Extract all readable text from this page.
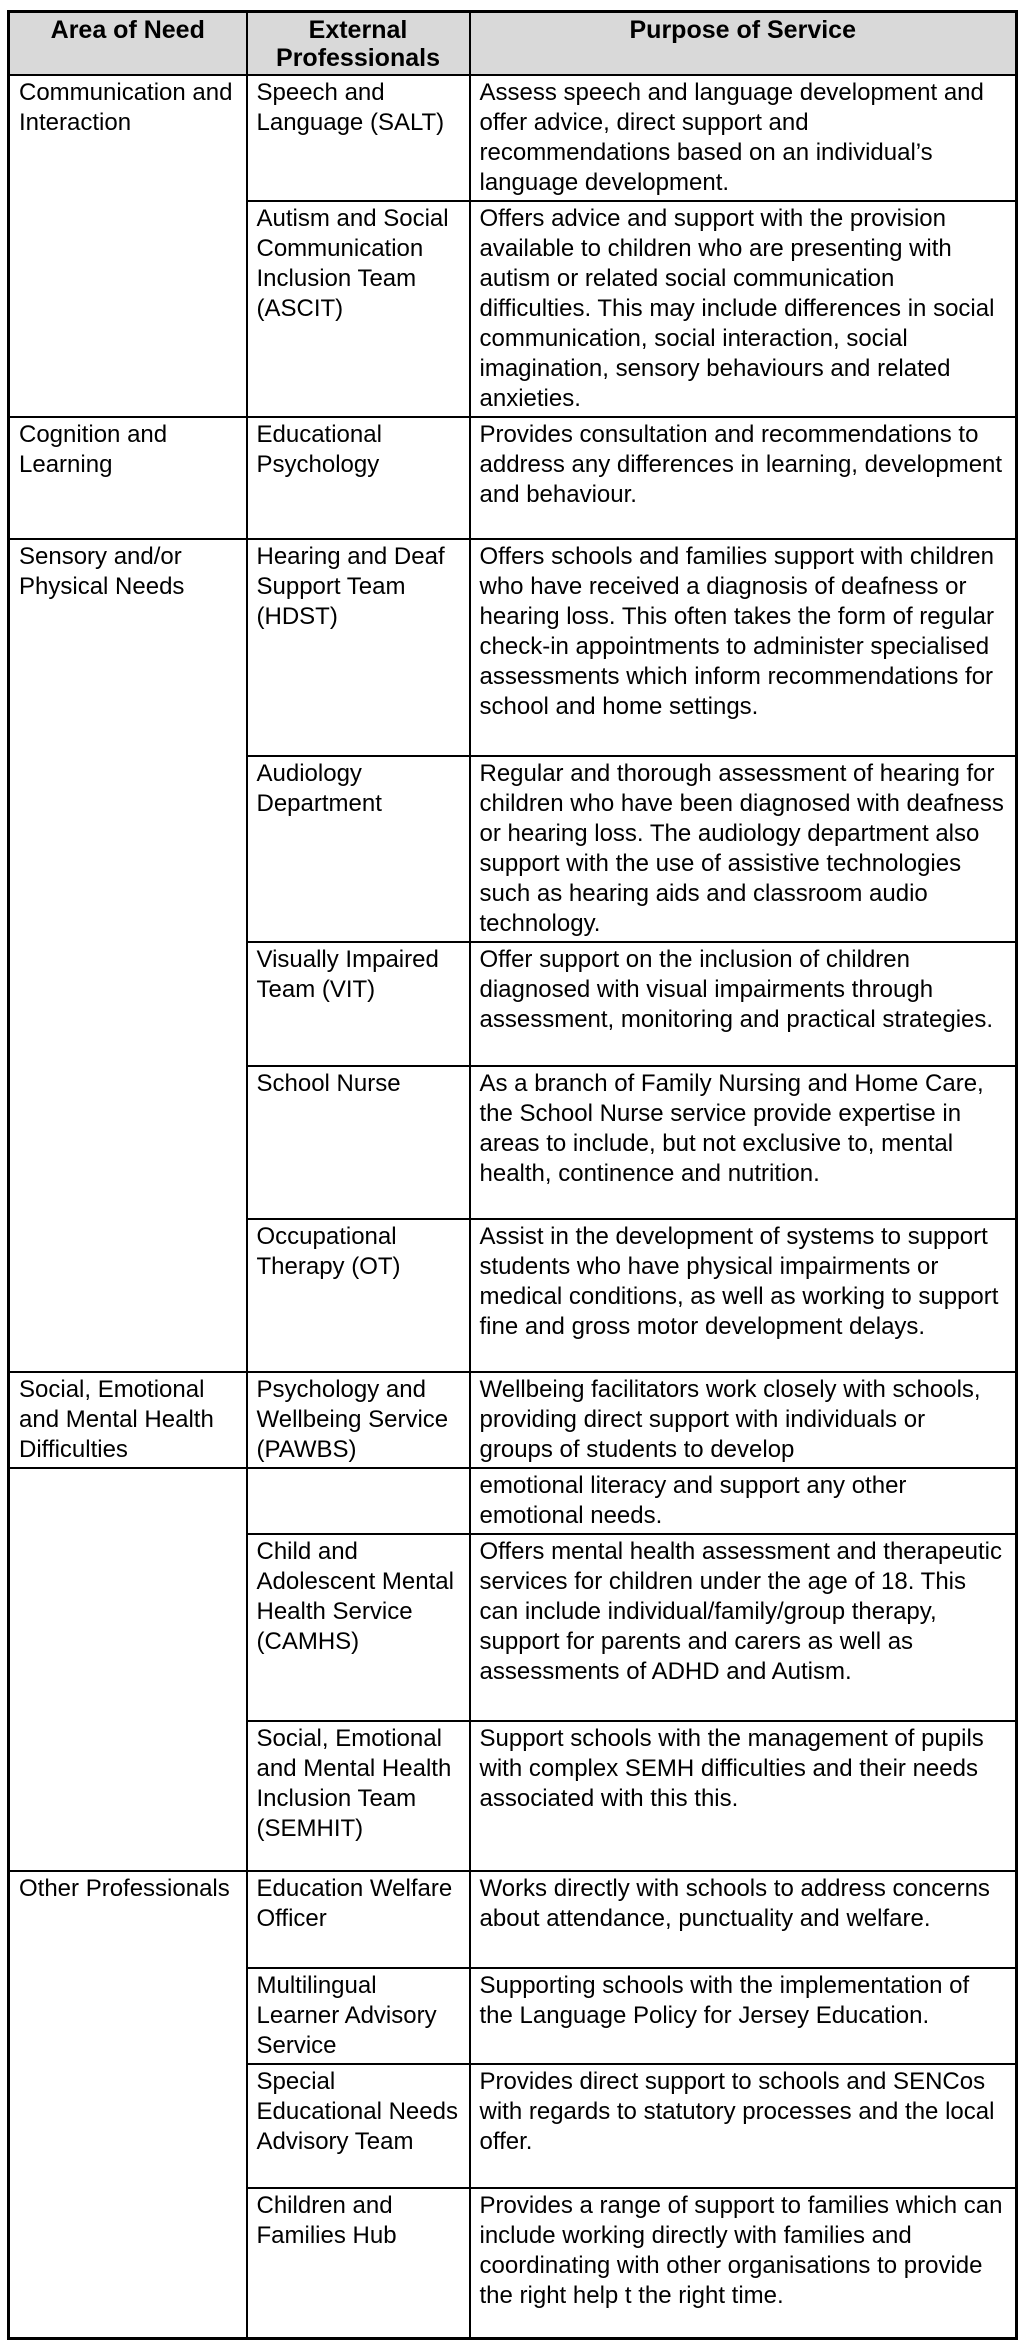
Area of Need	External Professionals	Purpose of Service
Communication and Interaction	Speech and Language (SALT)	Assess speech and language development and offer advice, direct support and recommendations based on an individual’s language development.
	Autism and Social Communication Inclusion Team (ASCIT)	Offers advice and support with the provision available to children who are presenting with autism or related social communication difficulties. This may include differences in social communication, social interaction, social imagination, sensory behaviours and related anxieties.
Cognition and Learning	Educational Psychology	Provides consultation and recommendations to address any differences in learning, development and behaviour.
Sensory and/or Physical Needs	Hearing and Deaf Support Team (HDST)	Offers schools and families support with children who have received a diagnosis of deafness or hearing loss. This often takes the form of regular check-in appointments to administer specialised assessments which inform recommendations for school and home settings.
	Audiology Department	Regular and thorough assessment of hearing for children who have been diagnosed with deafness or hearing loss. The audiology department also support with the use of assistive technologies such as hearing aids and classroom audio technology.
	Visually Impaired Team (VIT)	Offer support on the inclusion of children diagnosed with visual impairments through assessment, monitoring and practical strategies.
	School Nurse	As a branch of Family Nursing and Home Care, the School Nurse service provide expertise in areas to include, but not exclusive to, mental health, continence and nutrition.
	Occupational Therapy (OT)	Assist in the development of systems to support students who have physical impairments or medical conditions, as well as working to support fine and gross motor development delays.
Social, Emotional and Mental Health Difficulties	Psychology and Wellbeing Service (PAWBS)	Wellbeing facilitators work closely with schools, providing direct support with individuals or groups of students to develop
		emotional literacy and support any other emotional needs.
	Child and Adolescent Mental Health Service (CAMHS)	Offers mental health assessment and therapeutic services for children under the age of 18. This can include individual/family/group therapy, support for parents and carers as well as assessments of ADHD and Autism.
	Social, Emotional and Mental Health Inclusion Team (SEMHIT)	Support schools with the management of pupils with complex SEMH difficulties and their needs associated with this this.
Other Professionals	Education Welfare Officer	Works directly with schools to address concerns about attendance, punctuality and welfare.
	Multilingual Learner Advisory Service	Supporting schools with the implementation of the Language Policy for Jersey Education.
	Special Educational Needs Advisory Team	Provides direct support to schools and SENCos with regards to statutory processes and the local offer.
	Children and Families Hub	Provides a range of support to families which can include working directly with families and coordinating with other organisations to provide the right help t the right time.
